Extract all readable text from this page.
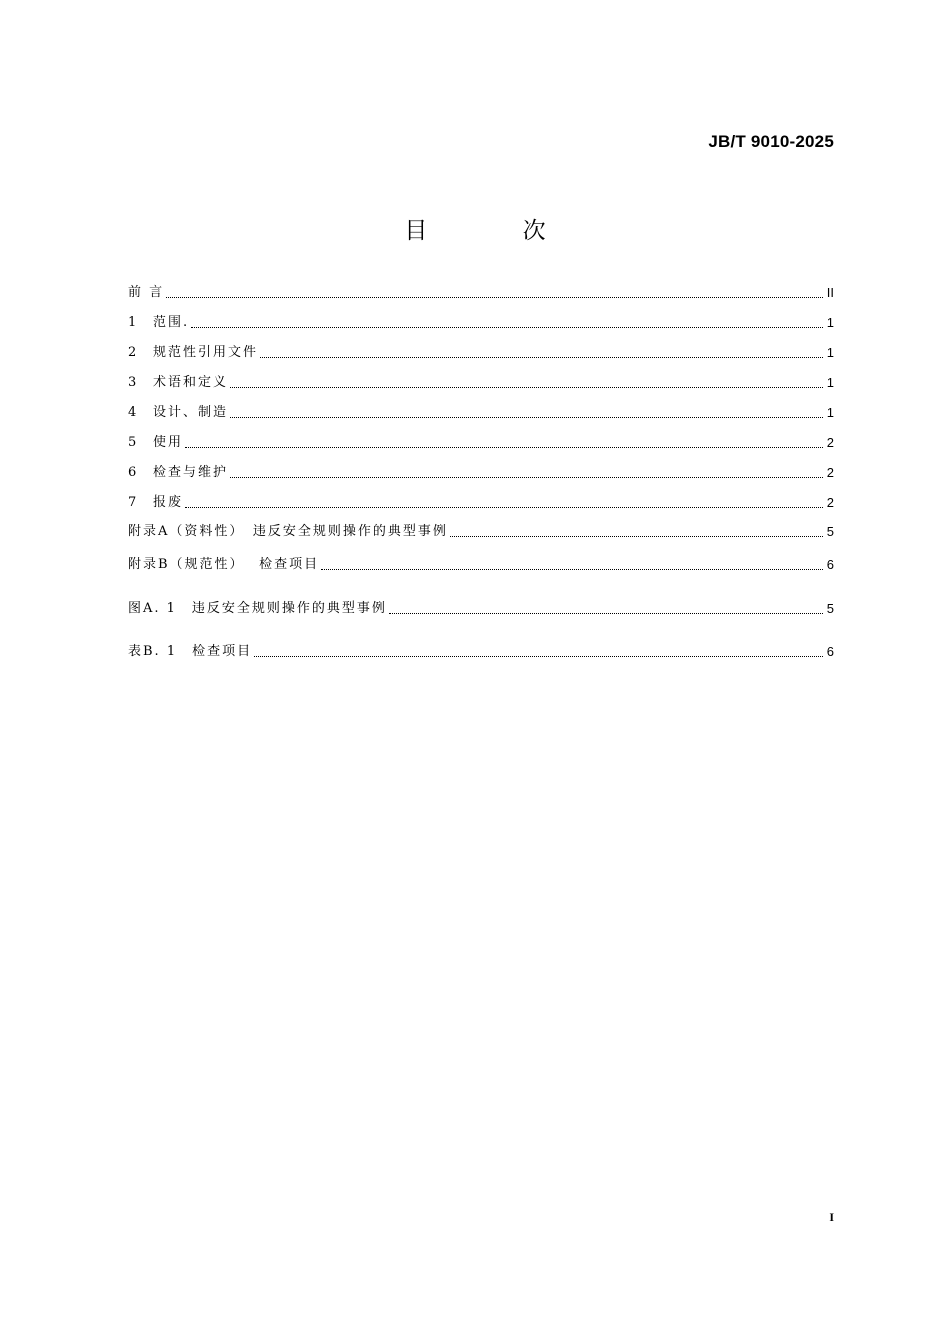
JB/T 9010-2025
目 次
前 言	II
1	范围.	1
2	规范性引用文件	1
3	术语和定义	1
4	设计、制造	1
5	使用	2
6	检查与维护	2
7	报废	2
附录A（资料性）　违反安全规则操作的典型事例	5
附录B（规范性）　 检查项目	6
图A. 1　违反安全规则操作的典型事例	5
表B. 1　检查项目	6
I
